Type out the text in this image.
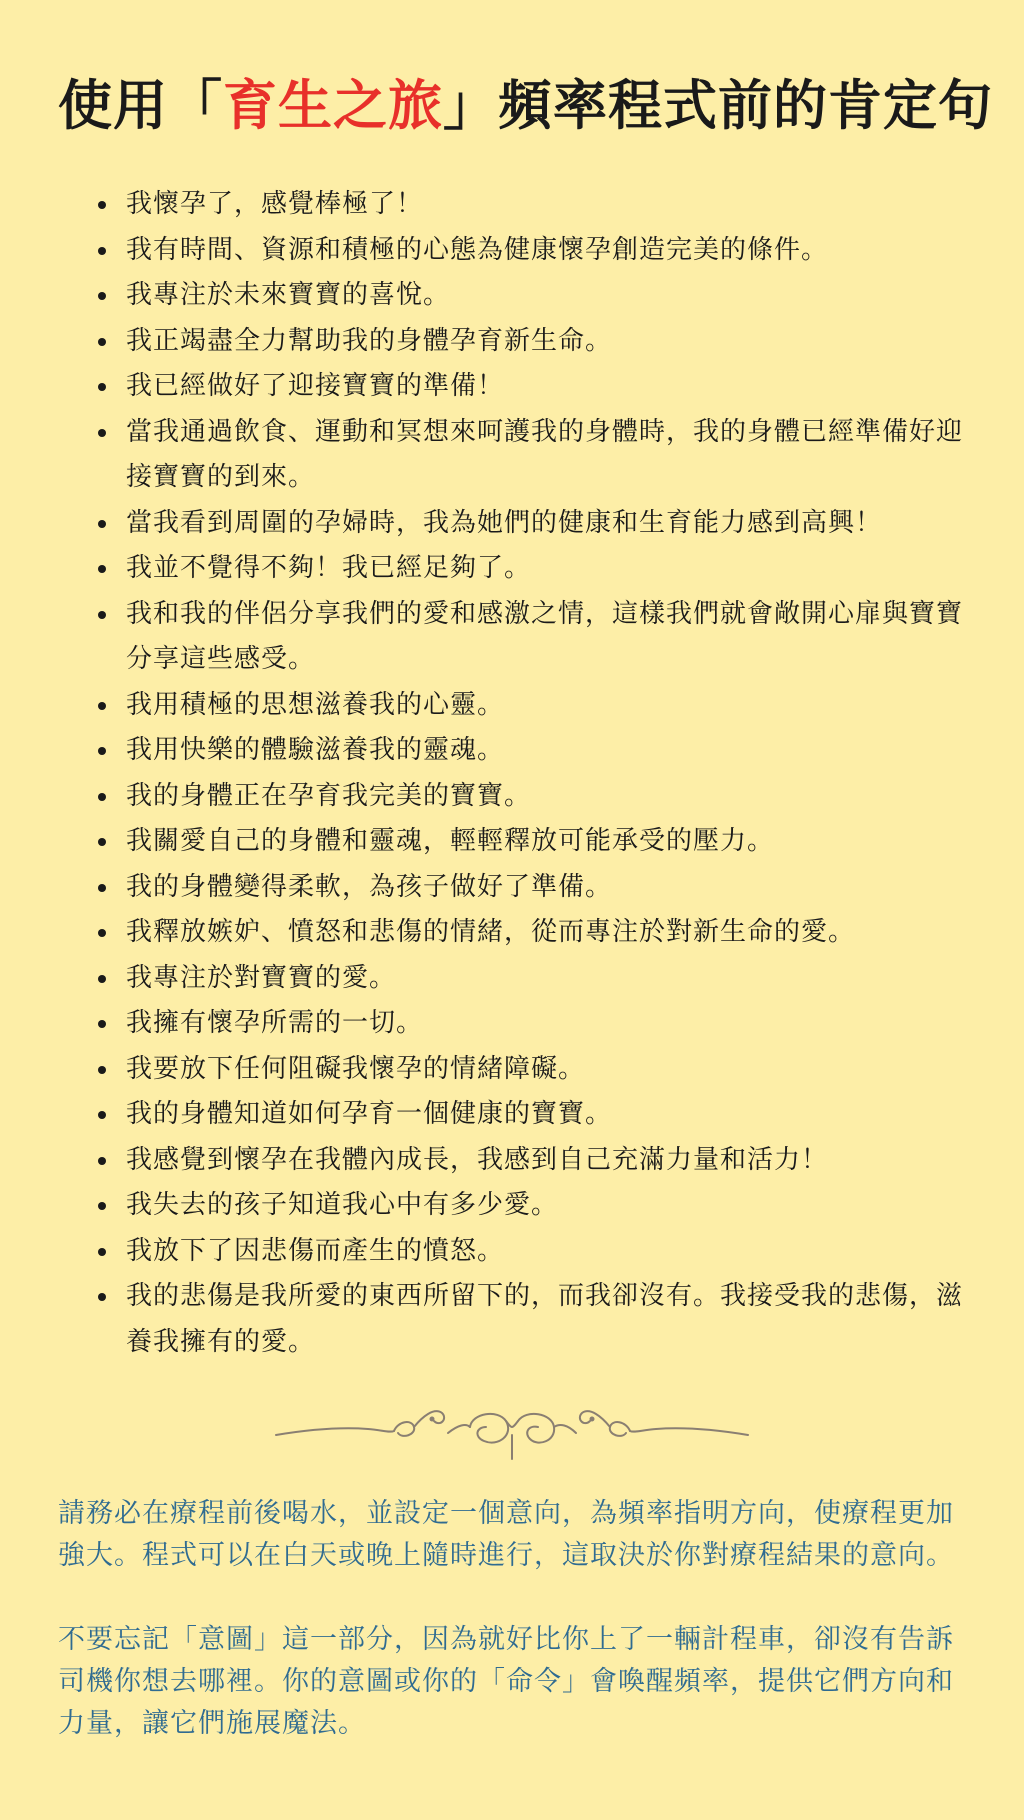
使用「育生之旅」頻率程式前的肯定句
我懷孕了，感覺棒極了！
我有時間、資源和積極的心態為健康懷孕創造完美的條件。
我專注於未來寶寶的喜悅。
我正竭盡全力幫助我的身體孕育新生命。
我已經做好了迎接寶寶的準備！
當我通過飲食、運動和冥想來呵護我的身體時，我的身體已經準備好迎接寶寶的到來。
當我看到周圍的孕婦時，我為她們的健康和生育能力感到高興！
我並不覺得不夠！我已經足夠了。
我和我的伴侶分享我們的愛和感激之情，這樣我們就會敞開心扉與寶寶分享這些感受。
我用積極的思想滋養我的心靈。
我用快樂的體驗滋養我的靈魂。
我的身體正在孕育我完美的寶寶。
我關愛自己的身體和靈魂，輕輕釋放可能承受的壓力。
我的身體變得柔軟，為孩子做好了準備。
我釋放嫉妒、憤怒和悲傷的情緒，從而專注於對新生命的愛。
我專注於對寶寶的愛。
我擁有懷孕所需的一切。
我要放下任何阻礙我懷孕的情緒障礙。
我的身體知道如何孕育一個健康的寶寶。
我感覺到懷孕在我體內成長，我感到自己充滿力量和活力！
我失去的孩子知道我心中有多少愛。
我放下了因悲傷而產生的憤怒。
我的悲傷是我所愛的東西所留下的，而我卻沒有。我接受我的悲傷，滋養我擁有的愛。

請務必在療程前後喝水，並設定一個意向，為頻率指明方向，使療程更加強大。程式可以在白天或晚上隨時進行，這取決於你對療程結果的意向。

不要忘記「意圖」這一部分，因為就好比你上了一輛計程車，卻沒有告訴司機你想去哪裡。你的意圖或你的「命令」會喚醒頻率，提供它們方向和力量，讓它們施展魔法。
